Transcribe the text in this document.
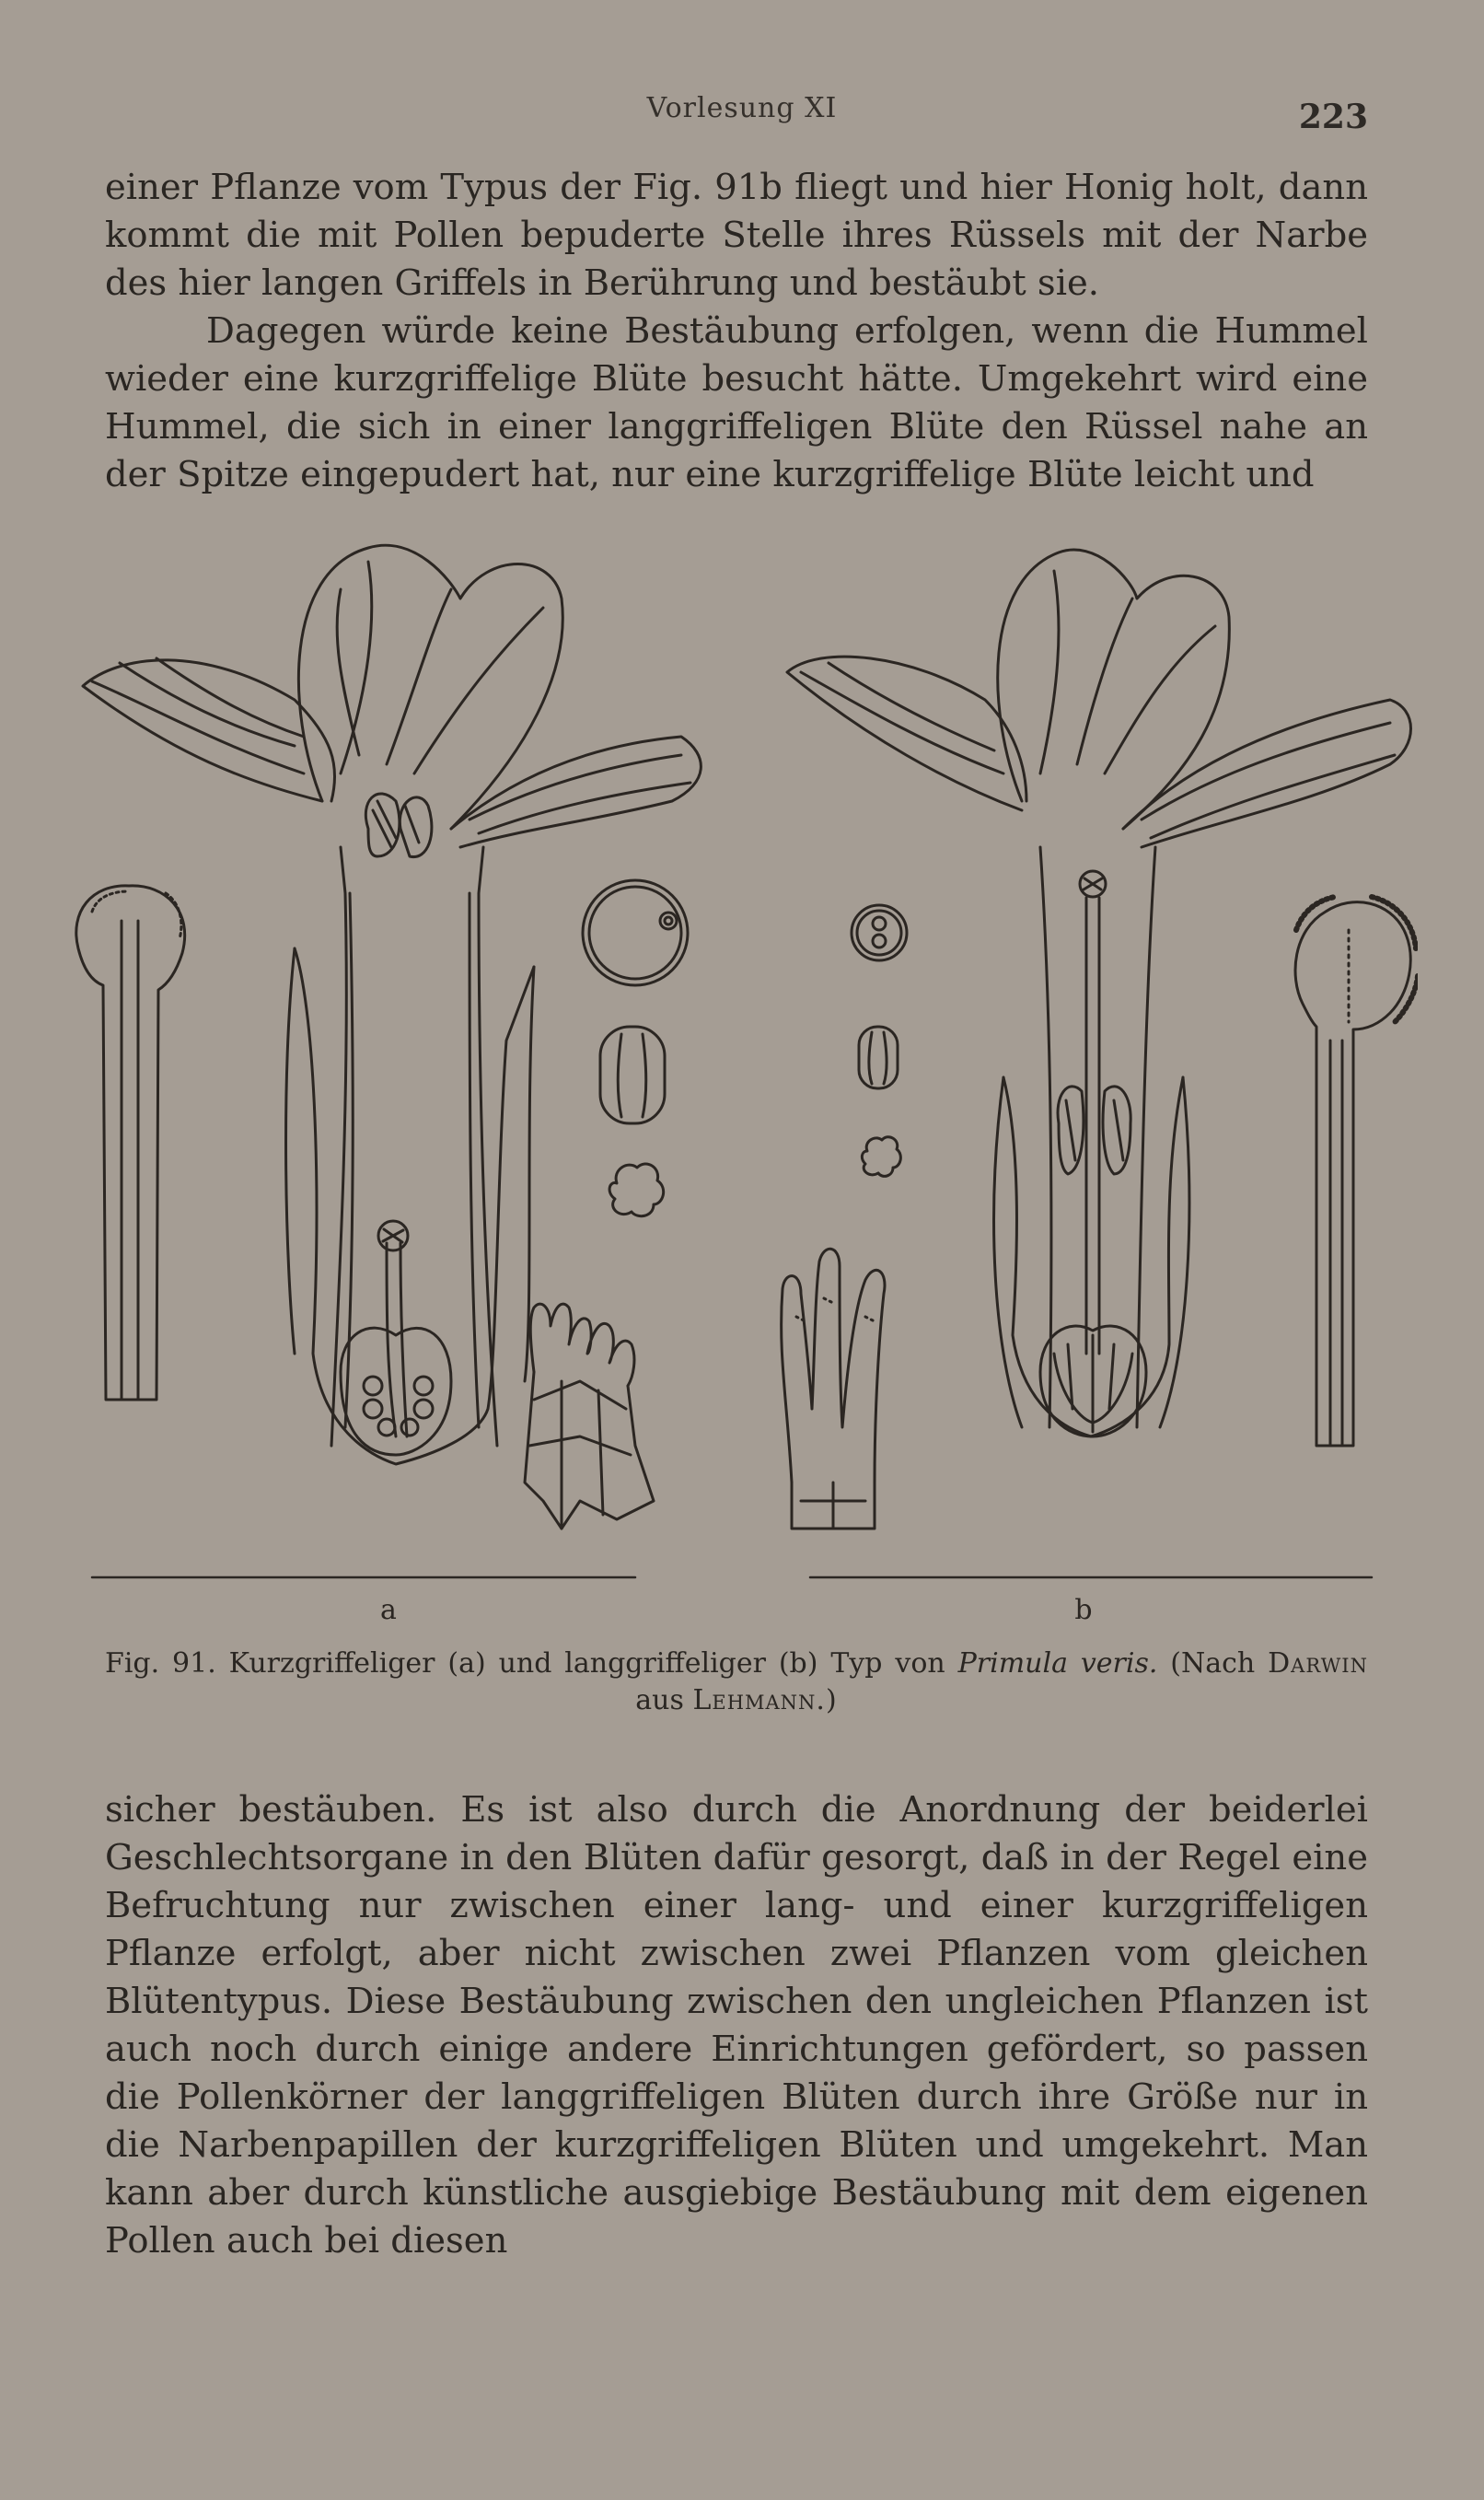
Vorlesung XI	223

einer Pflanze vom Typus der Fig. 91b fliegt und hier Honig holt, dann kommt die mit Pollen bepuderte Stelle ihres Rüssels mit der Narbe des hier langen Griffels in Berührung und bestäubt sie.

Dagegen würde keine Bestäubung erfolgen, wenn die Hummel wieder eine kurzgriffelige Blüte besucht hätte. Umgekehrt wird eine Hummel, die sich in einer langgriffeligen Blüte den Rüssel nahe an der Spitze eingepudert hat, nur eine kurzgriffelige Blüte leicht und

a	b
Fig. 91. Kurzgriffeliger (a) und langgriffeliger (b) Typ von Primula veris. (Nach Darwin aus Lehmann.)

sicher bestäuben. Es ist also durch die Anordnung der beiderlei Geschlechtsorgane in den Blüten dafür gesorgt, daß in der Regel eine Befruchtung nur zwischen einer lang- und einer kurzgriffeligen Pflanze erfolgt, aber nicht zwischen zwei Pflanzen vom gleichen Blütentypus. Diese Bestäubung zwischen den ungleichen Pflanzen ist auch noch durch einige andere Einrichtungen gefördert, so passen die Pollenkörner der langgriffeligen Blüten durch ihre Größe nur in die Narbenpapillen der kurzgriffeligen Blüten und umgekehrt. Man kann aber durch künstliche ausgiebige Bestäubung mit dem eigenen Pollen auch bei diesen
